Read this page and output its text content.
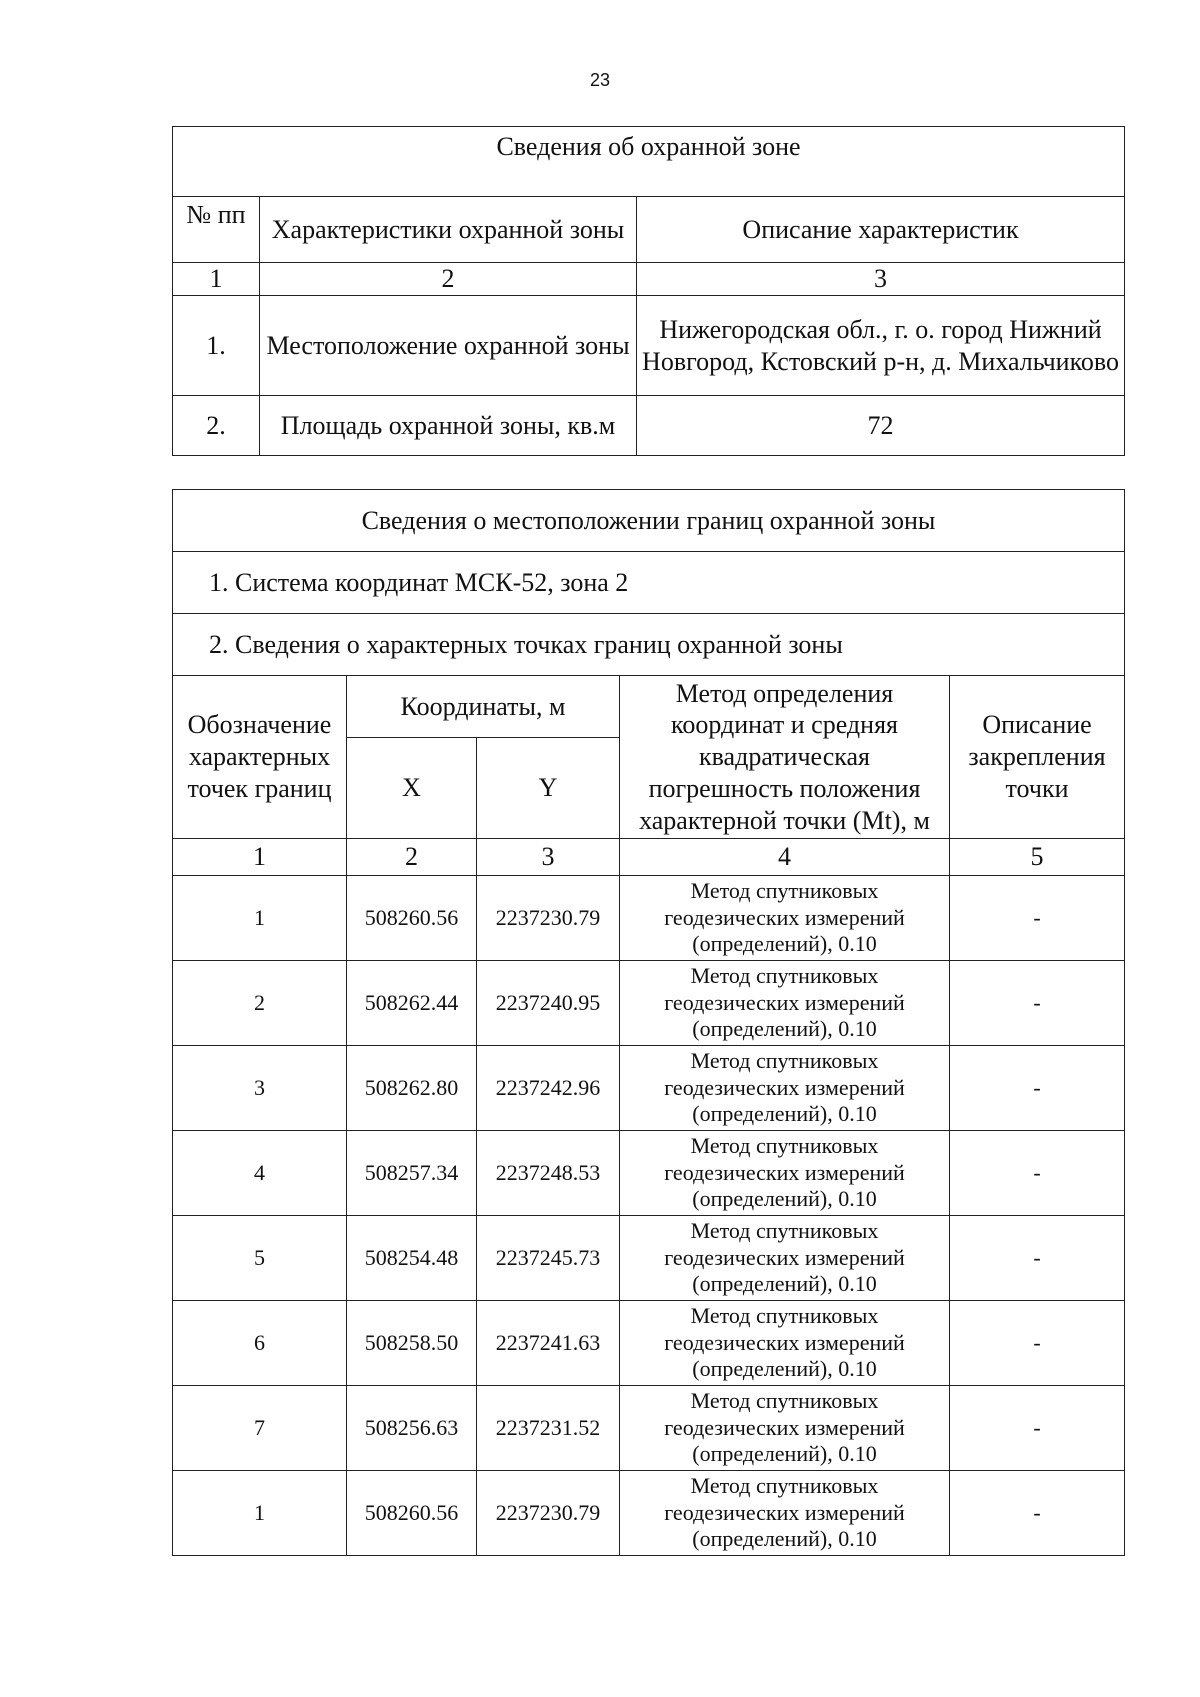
23
Сведения об охранной зоне		
№ пп	Характеристики охранной зоны	Описание характеристик
1	2	3
1.	Местоположение охранной зоны	Нижегородская обл., г. о. город Нижний Новгород, Кстовский р-н, д. Михальчиково
2.	Площадь охранной зоны, кв.м	72
Сведения о местоположении границ охранной зоны				
1. Система координат МСК-52, зона 2				
2. Сведения о характерных точках границ охранной зоны				
Обозначение характерных точек границ	Координаты, м		Метод определения координат и средняя квадратическая погрешность положения характерной точки (Mt), м	Описание закрепления точки
	X	Y		
1	2	3	4	5
1	508260.56	2237230.79	Метод спутниковых геодезических измерений (определений), 0.10	-
2	508262.44	2237240.95	Метод спутниковых геодезических измерений (определений), 0.10	-
3	508262.80	2237242.96	Метод спутниковых геодезических измерений (определений), 0.10	-
4	508257.34	2237248.53	Метод спутниковых геодезических измерений (определений), 0.10	-
5	508254.48	2237245.73	Метод спутниковых геодезических измерений (определений), 0.10	-
6	508258.50	2237241.63	Метод спутниковых геодезических измерений (определений), 0.10	-
7	508256.63	2237231.52	Метод спутниковых геодезических измерений (определений), 0.10	-
1	508260.56	2237230.79	Метод спутниковых геодезических измерений (определений), 0.10	-
